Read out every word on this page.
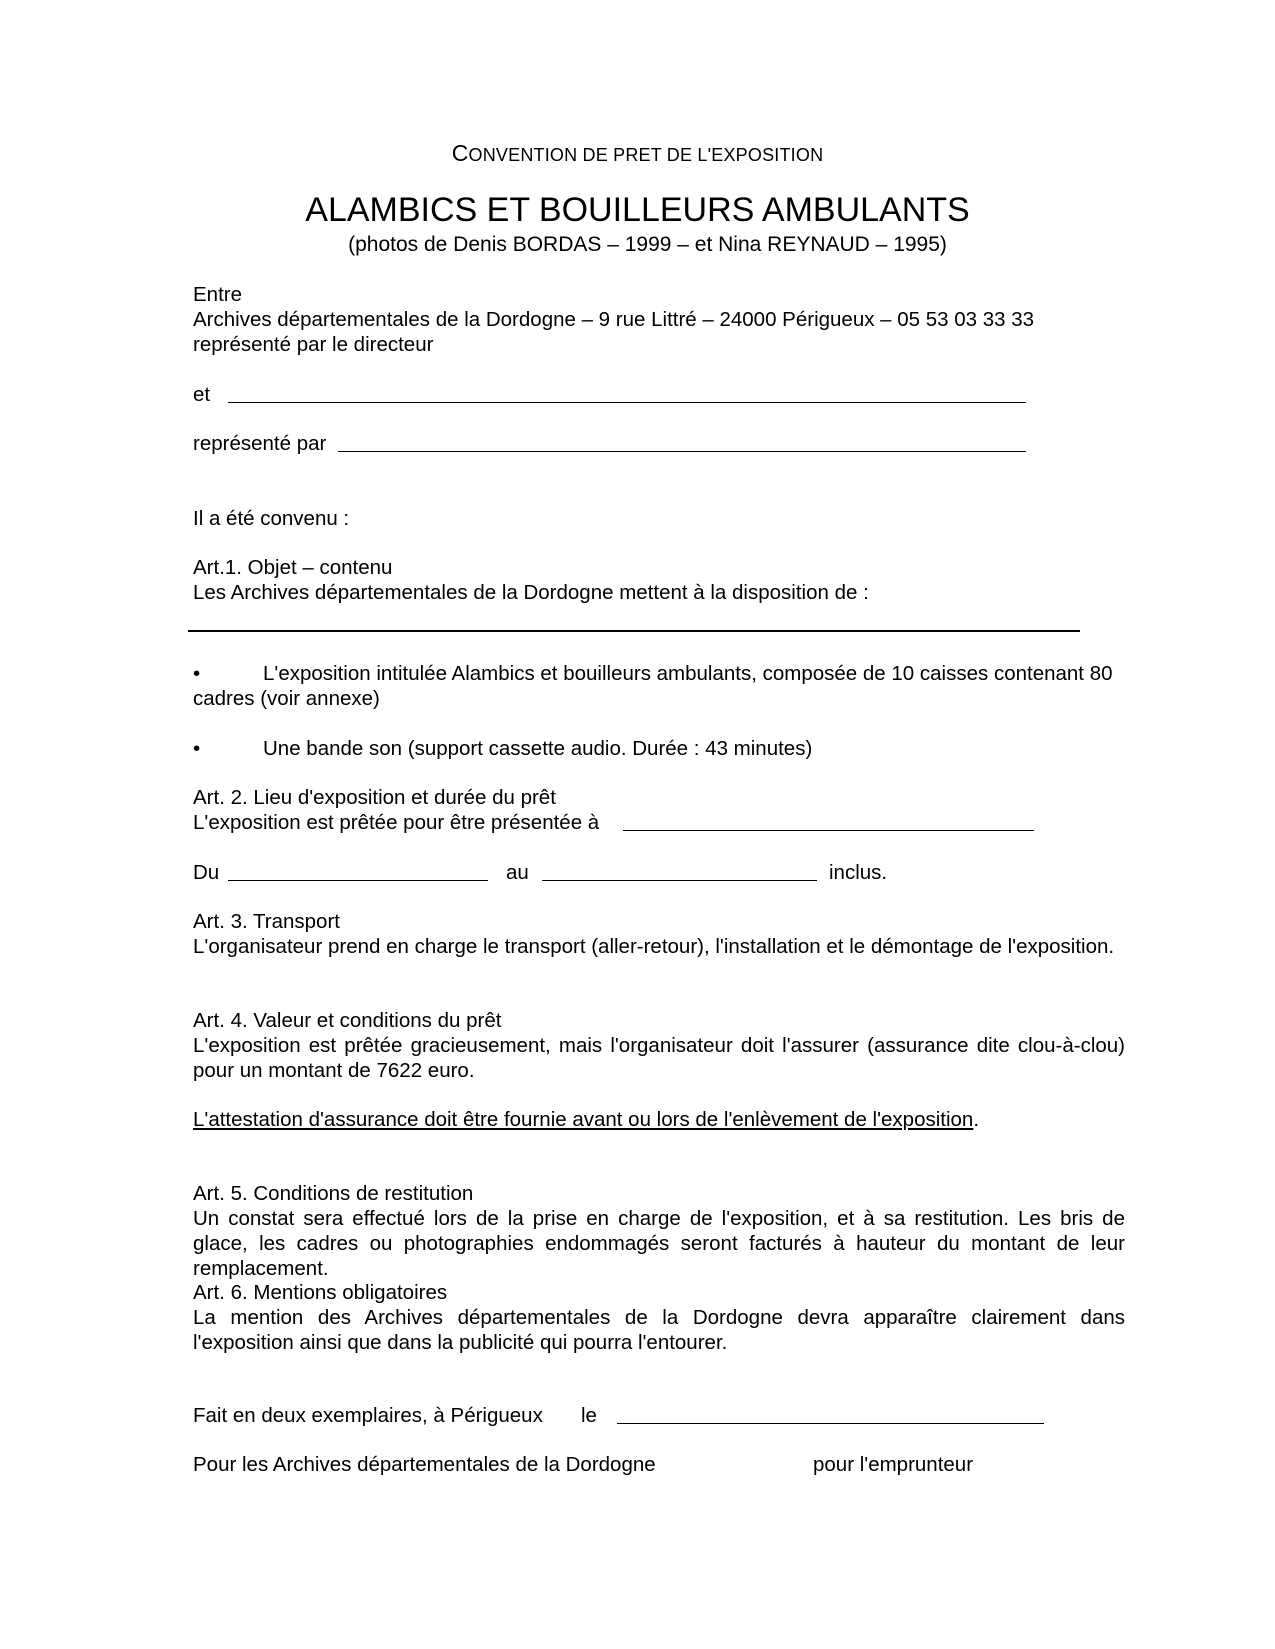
CONVENTION DE PRET DE L'EXPOSITION
ALAMBICS ET BOUILLEURS AMBULANTS
(photos de Denis BORDAS – 1999 – et Nina REYNAUD – 1995)
Entre
Archives départementales de la Dordogne – 9 rue Littré – 24000 Périgueux – 05 53 03 33 33
représenté par le directeur
et
représenté par
Il a été convenu :
Art.1. Objet – contenu
Les Archives départementales de la Dordogne mettent à la disposition de :
•	L'exposition intitulée Alambics et bouilleurs ambulants, composée de 10 caisses contenant 80
cadres (voir annexe)
•	Une bande son (support cassette audio. Durée : 43 minutes)
Art. 2. Lieu d'exposition et durée du prêt
L'exposition est prêtée pour être présentée à
Du	au	inclus.
Art. 3. Transport
L'organisateur prend en charge le transport (aller-retour), l'installation et le démontage de l'exposition.
Art. 4. Valeur et conditions du prêt
L'exposition est prêtée gracieusement, mais l'organisateur doit l'assurer (assurance dite clou-à-clou) pour un montant de 7622 euro.
L'attestation d'assurance doit être fournie avant ou lors de l'enlèvement de l'exposition.
Art. 5. Conditions de restitution
Un constat sera effectué lors de la prise en charge de l'exposition, et à sa restitution. Les bris de glace, les cadres ou photographies endommagés seront facturés à hauteur du montant de leur remplacement.
Art. 6. Mentions obligatoires
La mention des Archives départementales de la Dordogne devra apparaître clairement dans l'exposition ainsi que dans la publicité qui pourra l'entourer.
Fait en deux exemplaires, à Périgueux le
Pour les Archives départementales de la Dordogne	pour l'emprunteur
